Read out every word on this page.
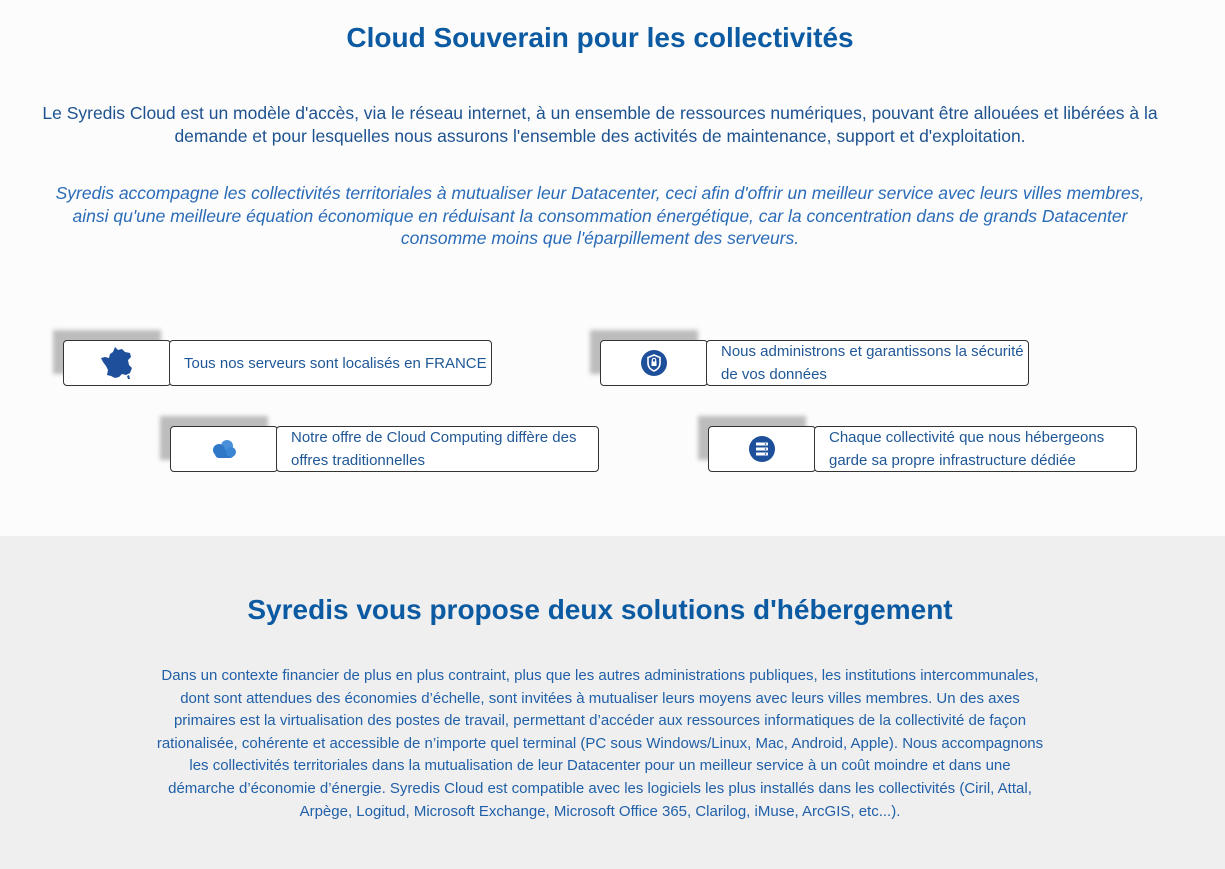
Cloud Souverain pour les collectivités

Le Syredis Cloud est un modèle d'accès, via le réseau internet, à un ensemble de ressources numériques, pouvant être allouées et libérées à la demande et pour lesquelles nous assurons l'ensemble des activités de maintenance, support et d'exploitation.

Syredis accompagne les collectivités territoriales à mutualiser leur Datacenter, ceci afin d'offrir un meilleur service avec leurs villes membres, ainsi qu'une meilleure équation économique en réduisant la consommation énergétique, car la concentration dans de grands Datacenter consomme moins que l'éparpillement des serveurs.

Tous nos serveurs sont localisés en FRANCE
Nous administrons et garantissons la sécurité de vos données
Notre offre de Cloud Computing diffère des offres traditionnelles
Chaque collectivité que nous hébergeons garde sa propre infrastructure dédiée
Syredis vous propose deux solutions d'hébergement

Dans un contexte financier de plus en plus contraint, plus que les autres administrations publiques, les institutions intercommunales, dont sont attendues des économies d’échelle, sont invitées à mutualiser leurs moyens avec leurs villes membres. Un des axes primaires est la virtualisation des postes de travail, permettant d’accéder aux ressources informatiques de la collectivité de façon rationalisée, cohérente et accessible de n’importe quel terminal (PC sous Windows/Linux, Mac, Android, Apple). Nous accompagnons les collectivités territoriales dans la mutualisation de leur Datacenter pour un meilleur service à un coût moindre et dans une démarche d’économie d’énergie. Syredis Cloud est compatible avec les logiciels les plus installés dans les collectivités (Ciril, Attal, Arpège, Logitud, Microsoft Exchange, Microsoft Office 365, Clarilog, iMuse, ArcGIS, etc...).
